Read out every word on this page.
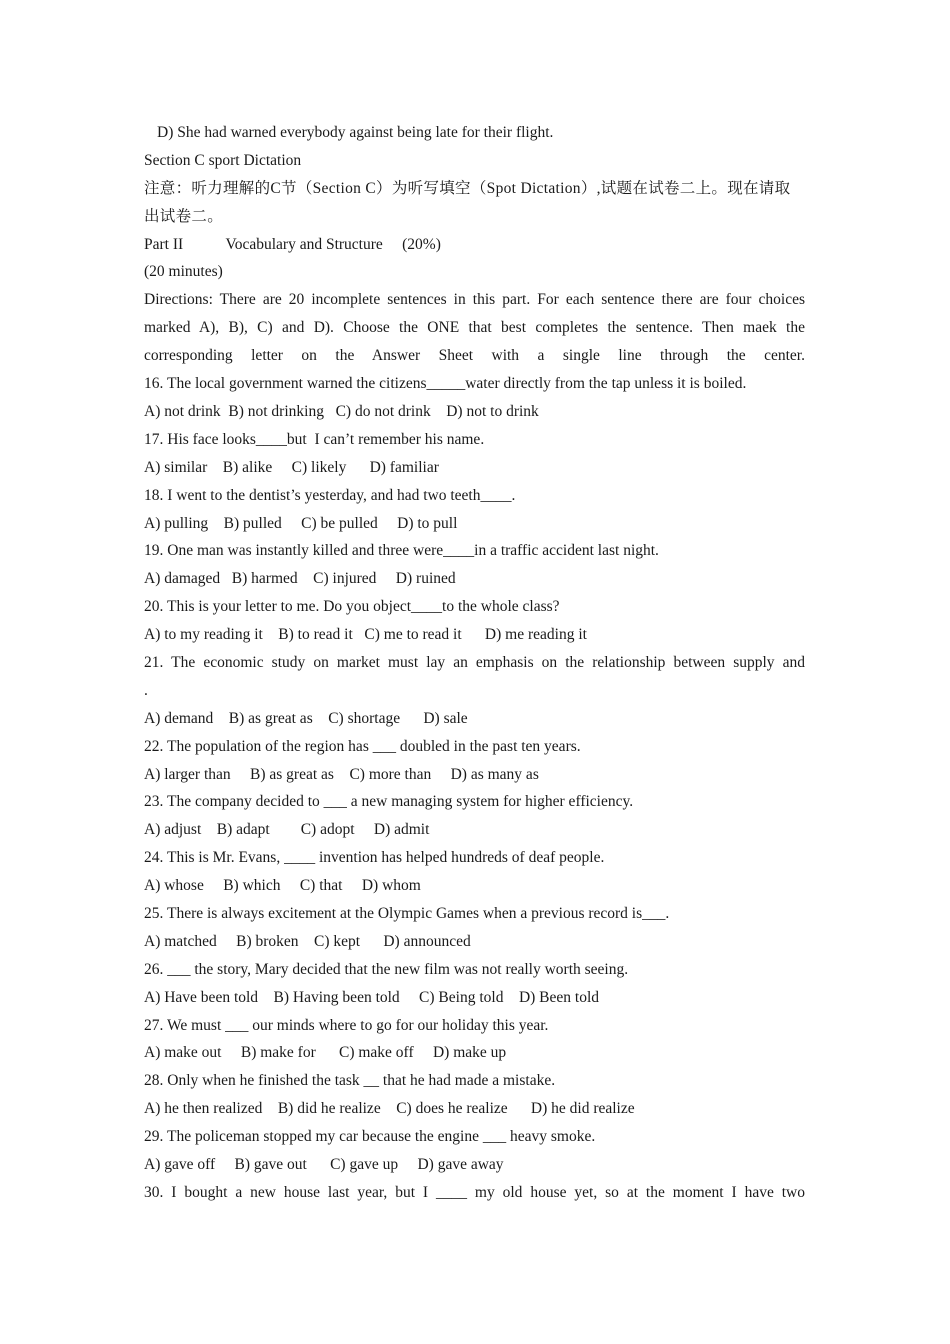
D) She had warned everybody against being late for their flight.

Section C sport Dictation

注意：听力理解的C节（Section C）为听写填空（Spot Dictation）,试题在试卷二上。现在请取出试卷二。

Part II           Vocabulary and Structure     (20%)

(20 minutes)

Directions: There are 20 incomplete sentences in this part. For each sentence there are four choices marked A), B), C) and D). Choose the ONE that best completes the sentence. Then maek the corresponding letter on the Answer Sheet with a single line through the center.

16. The local government warned the citizens_____water directly from the tap unless it is boiled.

A) not drink  B) not drinking   C) do not drink    D) not to drink

17. His face looks____but  I can’t remember his name.

A) similar    B) alike     C) likely      D) familiar

18. I went to the dentist’s yesterday, and had two teeth____.

A) pulling    B) pulled     C) be pulled     D) to pull

19. One man was instantly killed and three were____in a traffic accident last night.

A) damaged   B) harmed    C) injured     D) ruined

20. This is your letter to me. Do you object____to the whole class?

A) to my reading it    B) to read it   C) me to read it      D) me reading it

21. The economic study on market must lay an emphasis on the relationship between supply and

.

A) demand    B) as great as    C) shortage      D) sale

22. The population of the region has ___ doubled in the past ten years.

A) larger than     B) as great as    C) more than     D) as many as

23. The company decided to ___ a new managing system for higher efficiency.

A) adjust    B) adapt        C) adopt     D) admit

24. This is Mr. Evans, ____ invention has helped hundreds of deaf people.

A) whose     B) which     C) that     D) whom

25. There is always excitement at the Olympic Games when a previous record is___.

A) matched     B) broken    C) kept      D) announced

26. ___ the story, Mary decided that the new film was not really worth seeing.

A) Have been told    B) Having been told     C) Being told    D) Been told

27. We must ___ our minds where to go for our holiday this year.

A) make out     B) make for      C) make off     D) make up

28. Only when he finished the task __ that he had made a mistake.

A) he then realized    B) did he realize    C) does he realize      D) he did realize

29. The policeman stopped my car because the engine ___ heavy smoke.

A) gave off     B) gave out      C) gave up     D) gave away

30. I bought a new house last year, but I ____ my old house yet, so at the moment I have two
